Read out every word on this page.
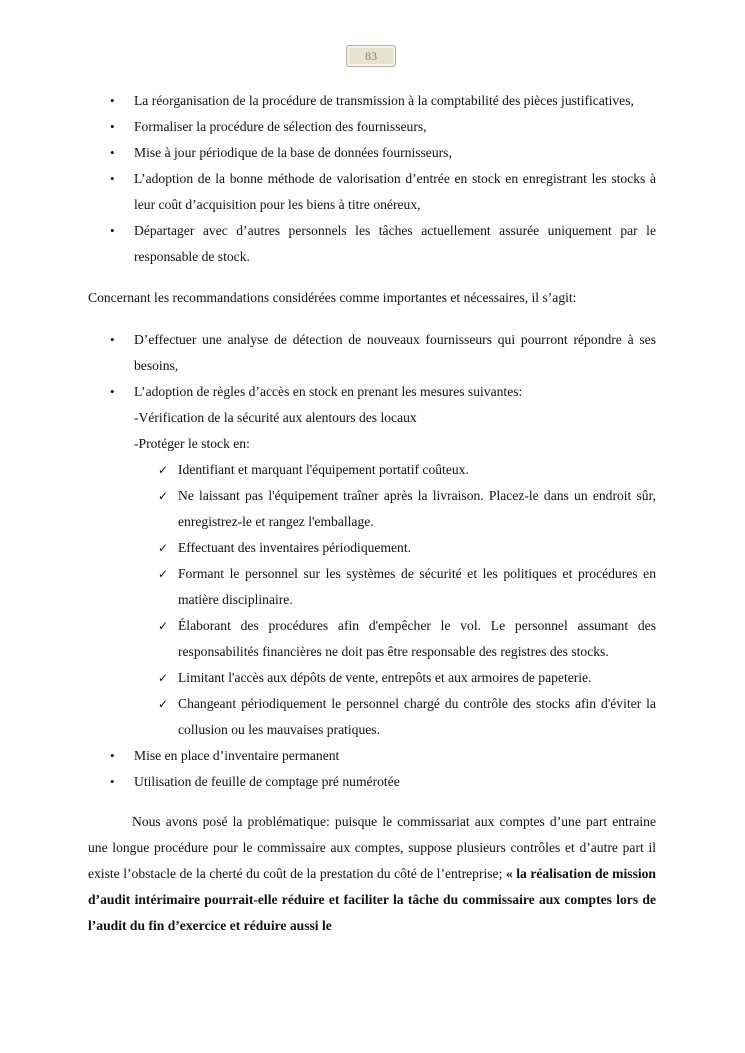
83
• La réorganisation de la procédure de transmission à la comptabilité des pièces justificatives,
• Formaliser la procédure de sélection des fournisseurs,
• Mise à jour périodique de la base de données fournisseurs,
• L’adoption de la bonne méthode de valorisation d’entrée en stock en enregistrant les stocks à leur coût d’acquisition pour les biens à titre onéreux,
• Départager avec d’autres personnels les tâches actuellement assurée uniquement par le responsable de stock.

Concernant les recommandations considérées comme importantes et nécessaires, il s’agit:

• D’effectuer une analyse de détection de nouveaux fournisseurs qui pourront répondre à ses besoins,
• L’adoption de règles d’accès en stock en prenant les mesures suivantes:
-Vérification de la sécurité aux alentours des locaux
-Protéger le stock en:
✓ Identifiant et marquant l'équipement portatif coûteux.
✓ Ne laissant pas l'équipement traîner après la livraison. Placez-le dans un endroit sûr, enregistrez-le et rangez l'emballage.
✓ Effectuant des inventaires périodiquement.
✓ Formant le personnel sur les systèmes de sécurité et les politiques et procédures en matière disciplinaire.
✓ Élaborant des procédures afin d'empêcher le vol. Le personnel assumant des responsabilités financières ne doit pas être responsable des registres des stocks.
✓ Limitant l'accès aux dépôts de vente, entrepôts et aux armoires de papeterie.
✓ Changeant périodiquement le personnel chargé du contrôle des stocks afin d'éviter la collusion ou les mauvaises pratiques.
• Mise en place d’inventaire permanent
• Utilisation de feuille de comptage pré numérotée

Nous avons posé la problématique: puisque le commissariat aux comptes d’une part entraine une longue procédure pour le commissaire aux comptes, suppose plusieurs contrôles et d’autre part il existe l’obstacle de la cherté du coût de la prestation du côté de l’entreprise; « la réalisation de mission d’audit intérimaire pourrait-elle réduire et faciliter la tâche du commissaire aux comptes lors de l’audit du fin d’exercice et réduire aussi le
